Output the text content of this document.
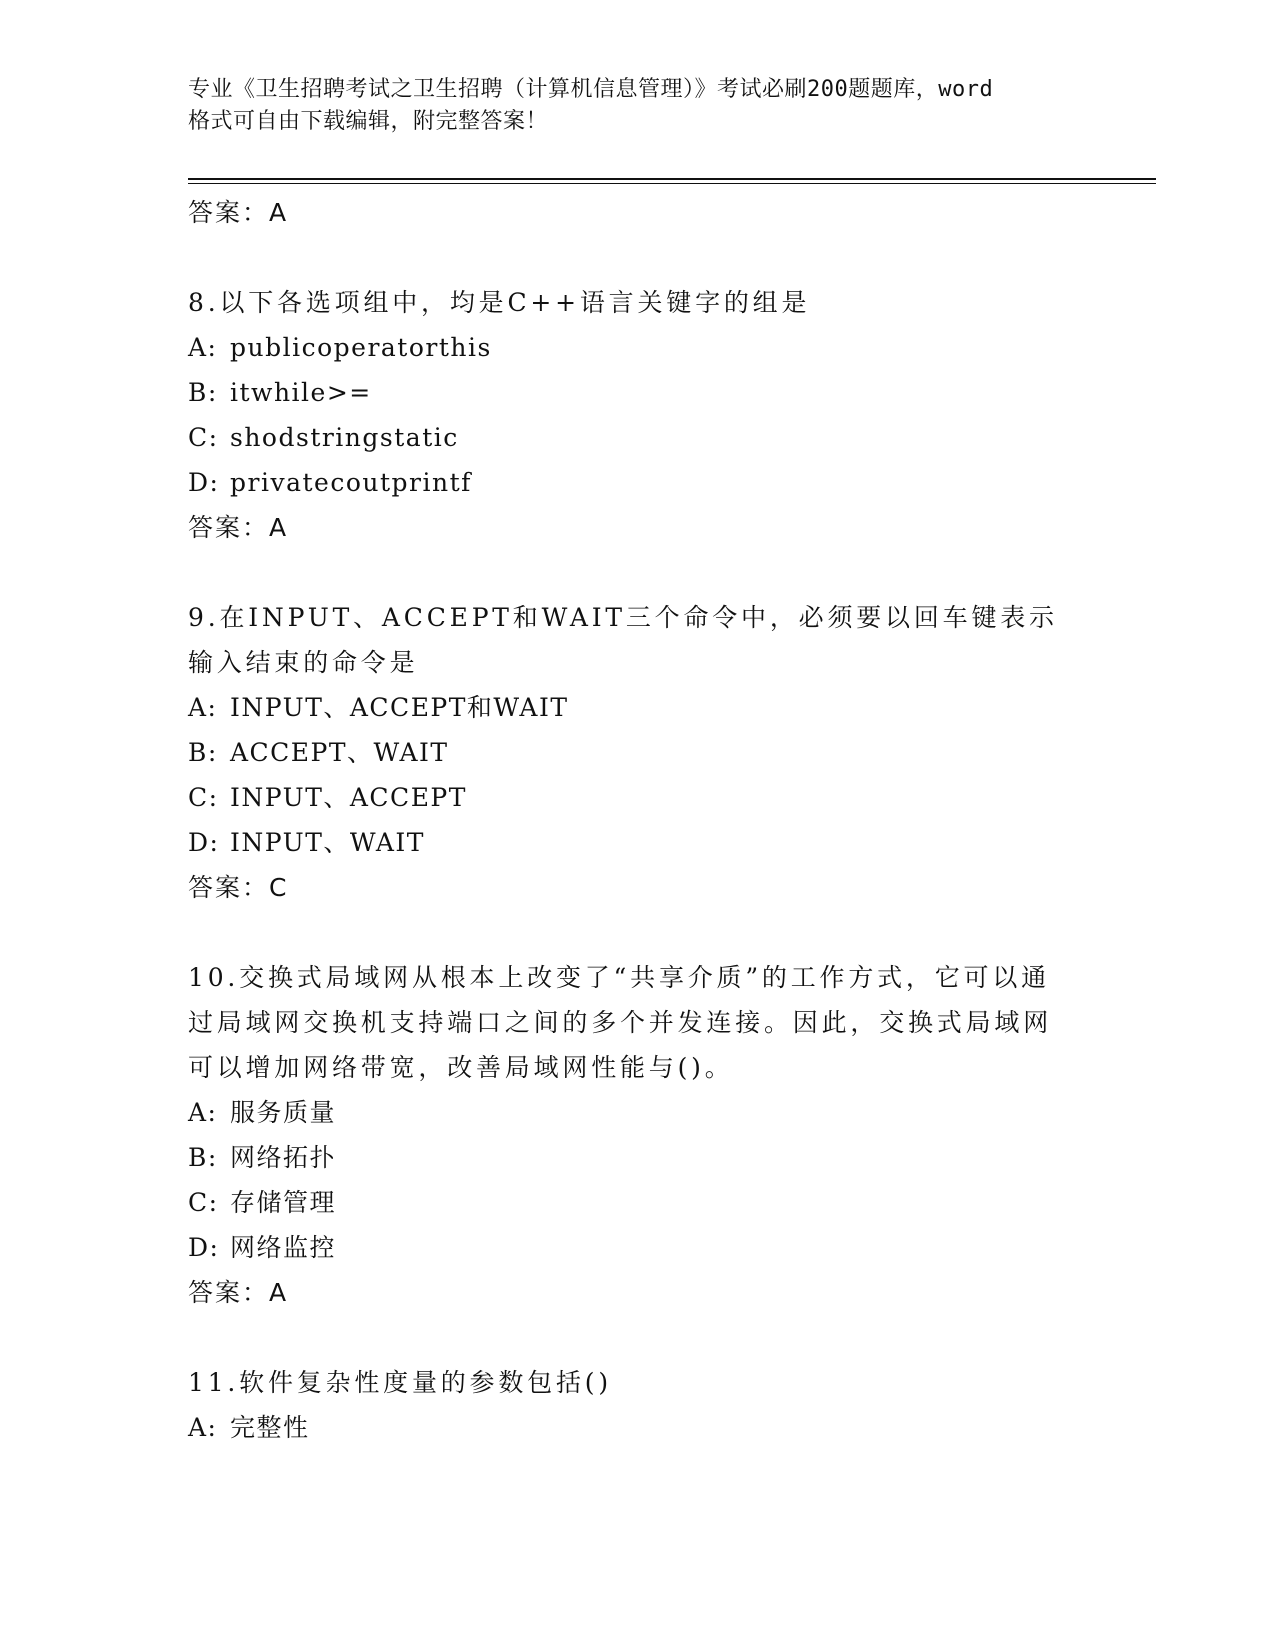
专业《卫生招聘考试之卫生招聘（计算机信息管理）》考试必刷200题题库，word
格式可自由下载编辑，附完整答案！
答案：A
8.以下各选项组中，均是C++语言关键字的组是
A: publicoperatorthis
B: itwhile>=
C: shodstringstatic
D: privatecoutprintf
答案：A
9.在INPUT、ACCEPT和WAIT三个命令中，必须要以回车键表示输入结束的命令是
A: INPUT、ACCEPT和WAIT
B: ACCEPT、WAIT
C: INPUT、ACCEPT
D: INPUT、WAIT
答案：C
10.交换式局域网从根本上改变了“共享介质”的工作方式，它可以通过局域网交换机支持端口之间的多个并发连接。因此，交换式局域网可以增加网络带宽，改善局域网性能与()。
A: 服务质量
B: 网络拓扑
C: 存储管理
D: 网络监控
答案：A
11.软件复杂性度量的参数包括()
A: 完整性
